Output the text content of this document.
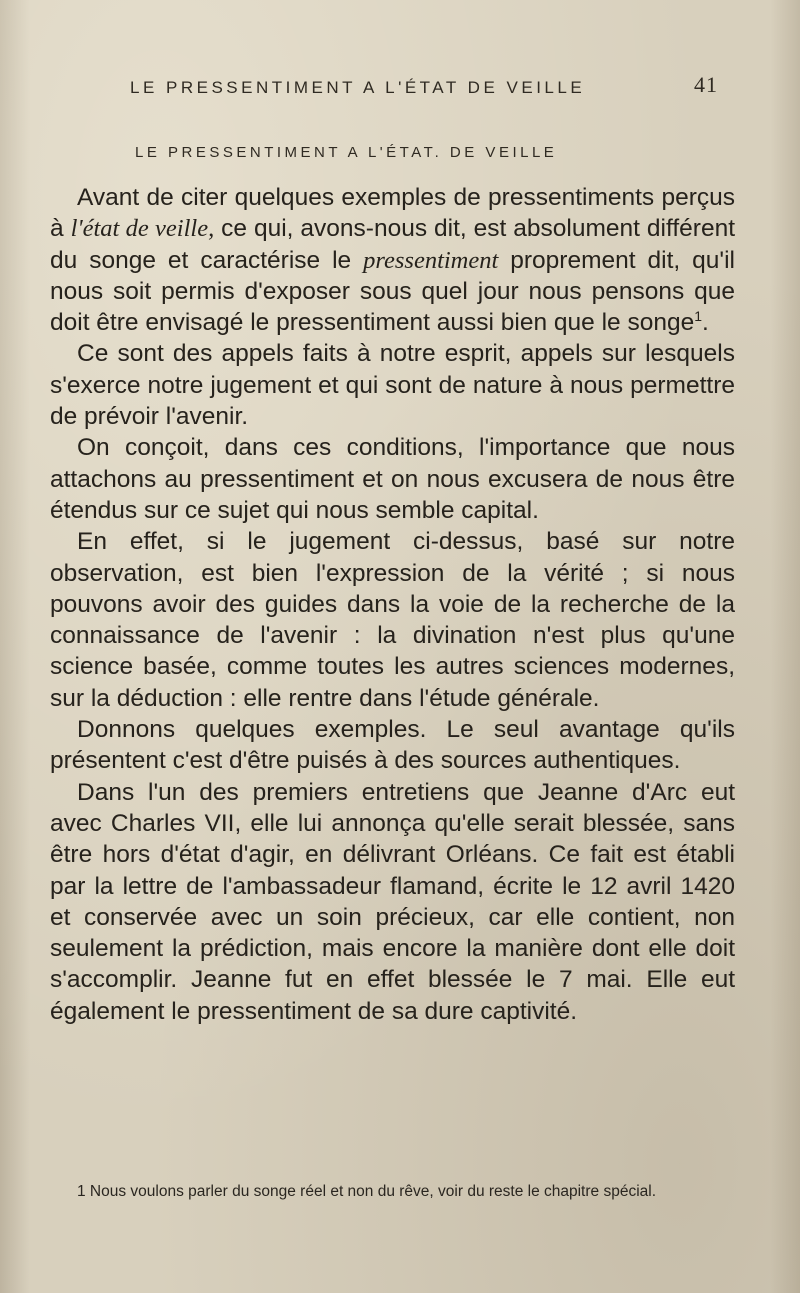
LE PRESSENTIMENT A L'ÉTAT DE VEILLE	41
LE PRESSENTIMENT A L'ÉTAT. DE VEILLE

Avant de citer quelques exemples de pressentiments perçus à l'état de veille, ce qui, avons-nous dit, est absolument différent du songe et caractérise le pressentiment proprement dit, qu'il nous soit permis d'exposer sous quel jour nous pensons que doit être envisagé le pressentiment aussi bien que le songe$^1$.

Ce sont des appels faits à notre esprit, appels sur lesquels s'exerce notre jugement et qui sont de nature à nous permettre de prévoir l'avenir.

On conçoit, dans ces conditions, l'importance que nous attachons au pressentiment et on nous excusera de nous être étendus sur ce sujet qui nous semble capital.

En effet, si le jugement ci-dessus, basé sur notre observation, est bien l'expression de la vérité ; si nous pouvons avoir des guides dans la voie de la recherche de la connaissance de l'avenir : la divination n'est plus qu'une science basée, comme toutes les autres sciences modernes, sur la déduction : elle rentre dans l'étude générale.

Donnons quelques exemples. Le seul avantage qu'ils présentent c'est d'être puisés à des sources authentiques.

Dans l'un des premiers entretiens que Jeanne d'Arc eut avec Charles VII, elle lui annonça qu'elle serait blessée, sans être hors d'état d'agir, en délivrant Orléans. Ce fait est établi par la lettre de l'ambassadeur flamand, écrite le 12 avril 1420 et conservée avec un soin précieux, car elle contient, non seulement la prédiction, mais encore la manière dont elle doit s'accomplir. Jeanne fut en effet blessée le 7 mai. Elle eut également le pressentiment de sa dure captivité.

1 Nous voulons parler du songe réel et non du rêve, voir du reste le chapitre spécial.
